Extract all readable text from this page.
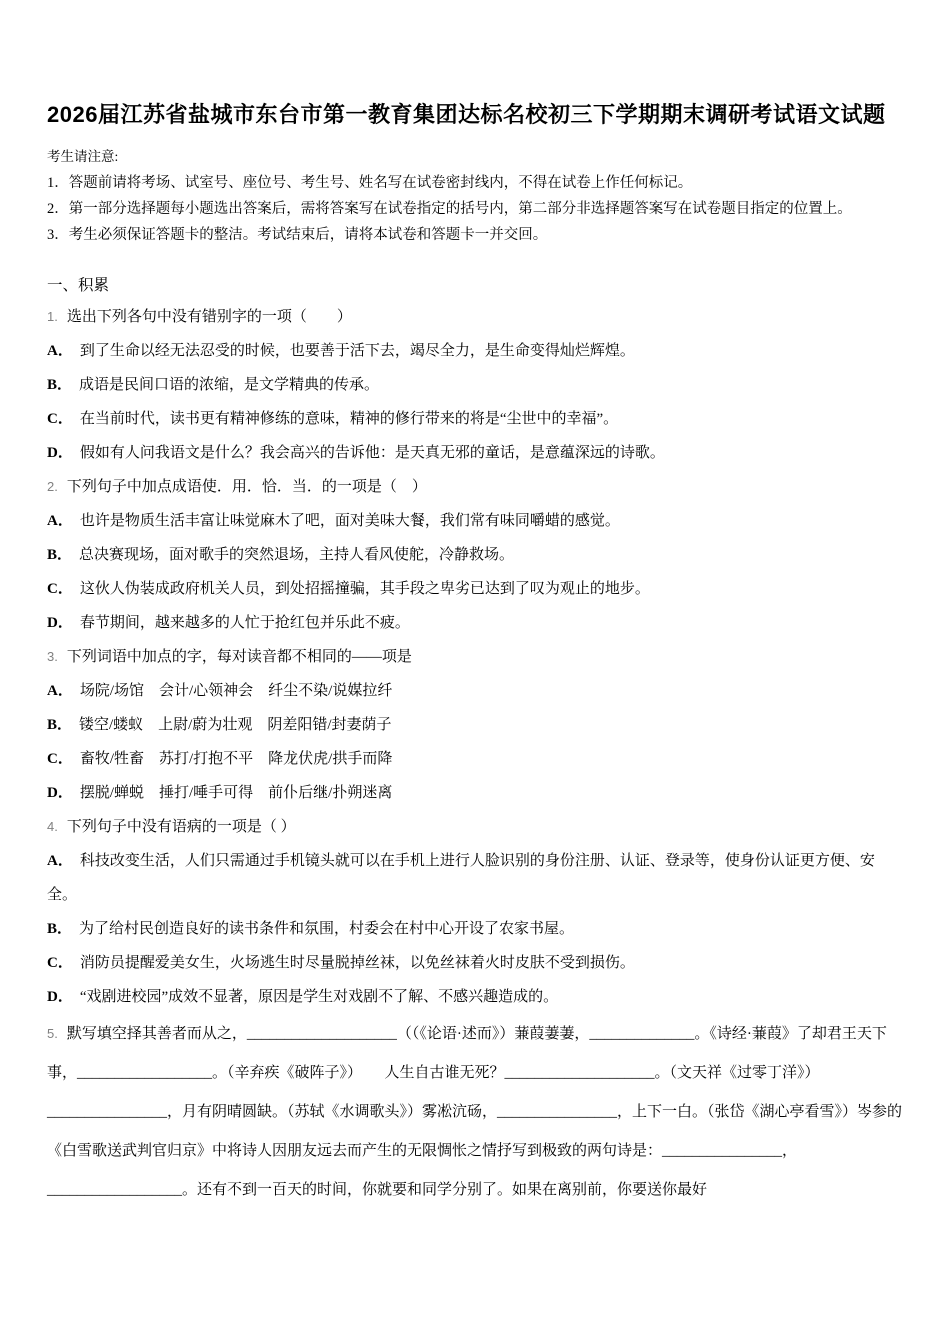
2026届江苏省盐城市东台市第一教育集团达标名校初三下学期期末调研考试语文试题

考生请注意:

1．答题前请将考场、试室号、座位号、考生号、姓名写在试卷密封线内，不得在试卷上作任何标记。

2．第一部分选择题每小题选出答案后，需将答案写在试卷指定的括号内，第二部分非选择题答案写在试卷题目指定的位置上。

3．考生必须保证答题卡的整洁。考试结束后，请将本试卷和答题卡一并交回。

一、积累

1. 选出下列各句中没有错别字的一项（　　）

A． 到了生命以经无法忍受的时候，也要善于活下去，竭尽全力，是生命变得灿烂辉煌。

B． 成语是民间口语的浓缩，是文学精典的传承。

C． 在当前时代，读书更有精神修练的意味，精神的修行带来的将是“尘世中的幸福”。

D． 假如有人问我语文是什么？我会高兴的告诉他：是天真无邪的童话，是意蕴深远的诗歌。

2. 下列句子中加点成语使．用．恰．当．的一项是（　）

A． 也许是物质生活丰富让味觉麻木了吧，面对美味大餐，我们常有味同嚼蜡的感觉。

B． 总决赛现场，面对歌手的突然退场，主持人看风使舵，冷静救场。

C． 这伙人伪装成政府机关人员，到处招摇撞骗，其手段之卑劣已达到了叹为观止的地步。

D． 春节期间，越来越多的人忙于抢红包并乐此不疲。

3. 下列词语中加点的字，每对读音都不相同的——项是

A． 场院/场馆　会计/心领神会　纤尘不染/说媒拉纤

B． 镂空/蝼蚁　上尉/蔚为壮观　阴差阳错/封妻荫子

C． 畜牧/牲畜　苏打/打抱不平　降龙伏虎/拱手而降

D． 摆脱/蝉蜕　捶打/唾手可得　前仆后继/扑朔迷离

4. 下列句子中没有语病的一项是（ ）

A． 科技改变生活，人们只需通过手机镜头就可以在手机上进行人脸识别的身份注册、认证、登录等，使身份认证更方便、安全。

B． 为了给村民创造良好的读书条件和氛围，村委会在村中心开设了农家书屋。

C． 消防员提醒爱美女生，火场逃生时尽量脱掉丝袜，以免丝袜着火时皮肤不受到损伤。

D． “戏剧进校园”成效不显著，原因是学生对戏剧不了解、不感兴趣造成的。

5. 默写填空择其善者而从之，____________________（（《论语·述而》）蒹葭萋萋，______________。《诗经·蒹葭》了却君王天下事，__________________。（辛弃疾《破阵子》）　　人生自古谁无死？____________________。（文天祥《过零丁洋》）________________，月有阴晴圆缺。（苏轼《水调歌头》）雾凇沆砀，________________，上下一白。（张岱《湖心亭看雪》）岑参的《白雪歌送武判官归京》中将诗人因朋友远去而产生的无限惆怅之情抒写到极致的两句诗是：________________，__________________。还有不到一百天的时间，你就要和同学分别了。如果在离别前，你要送你最好
